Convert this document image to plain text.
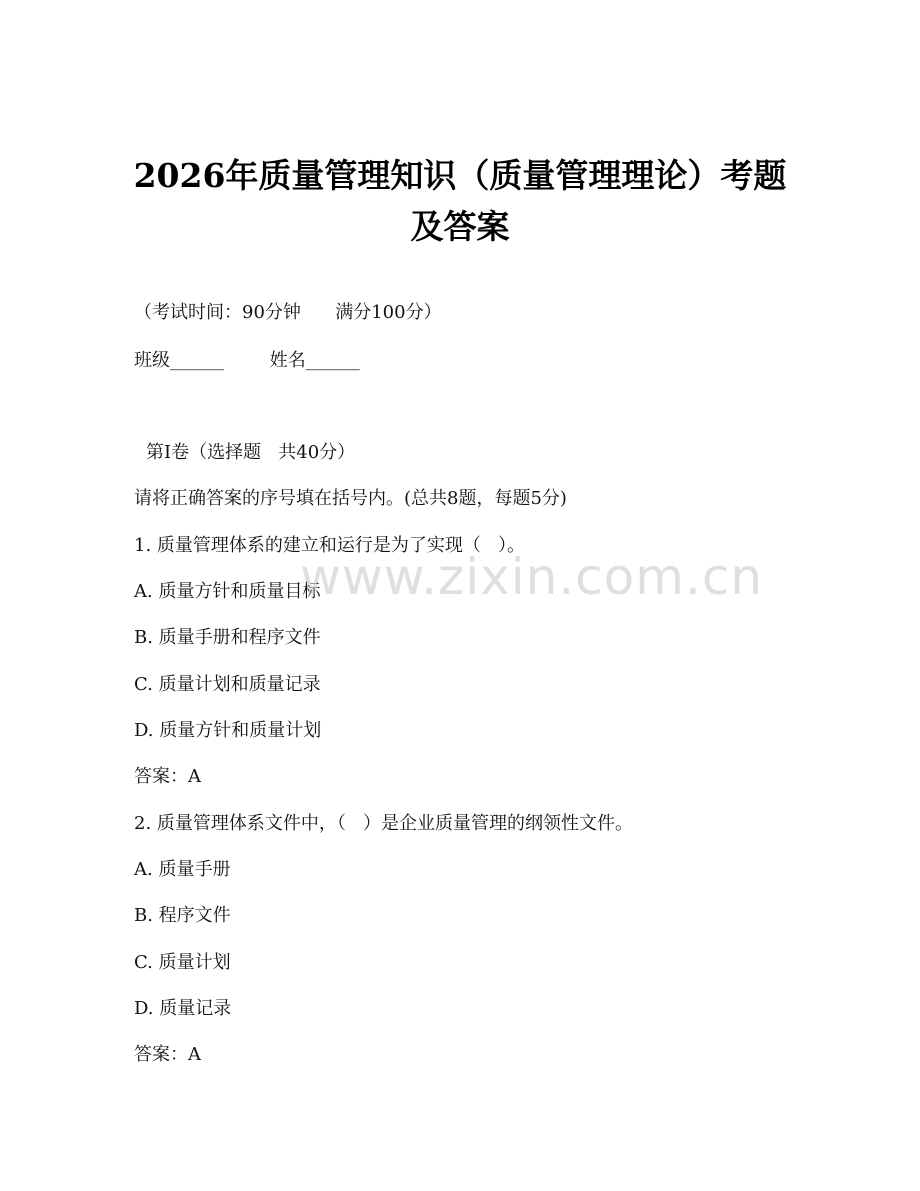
2026年质量管理知识（质量管理理论）考题
及答案
（考试时间：90分钟      满分100分）
班级______        姓名______
第Ⅰ卷（选择题   共40分）
请将正确答案的序号填在括号内。(总共8题，每题5分)
1. 质量管理体系的建立和运行是为了实现（   ）。
A. 质量方针和质量目标
B. 质量手册和程序文件
C. 质量计划和质量记录
D. 质量方针和质量计划
答案：A
2. 质量管理体系文件中，（   ）是企业质量管理的纲领性文件。
A. 质量手册
B. 程序文件
C. 质量计划
D. 质量记录
答案：A
www.zixin.com.cn
